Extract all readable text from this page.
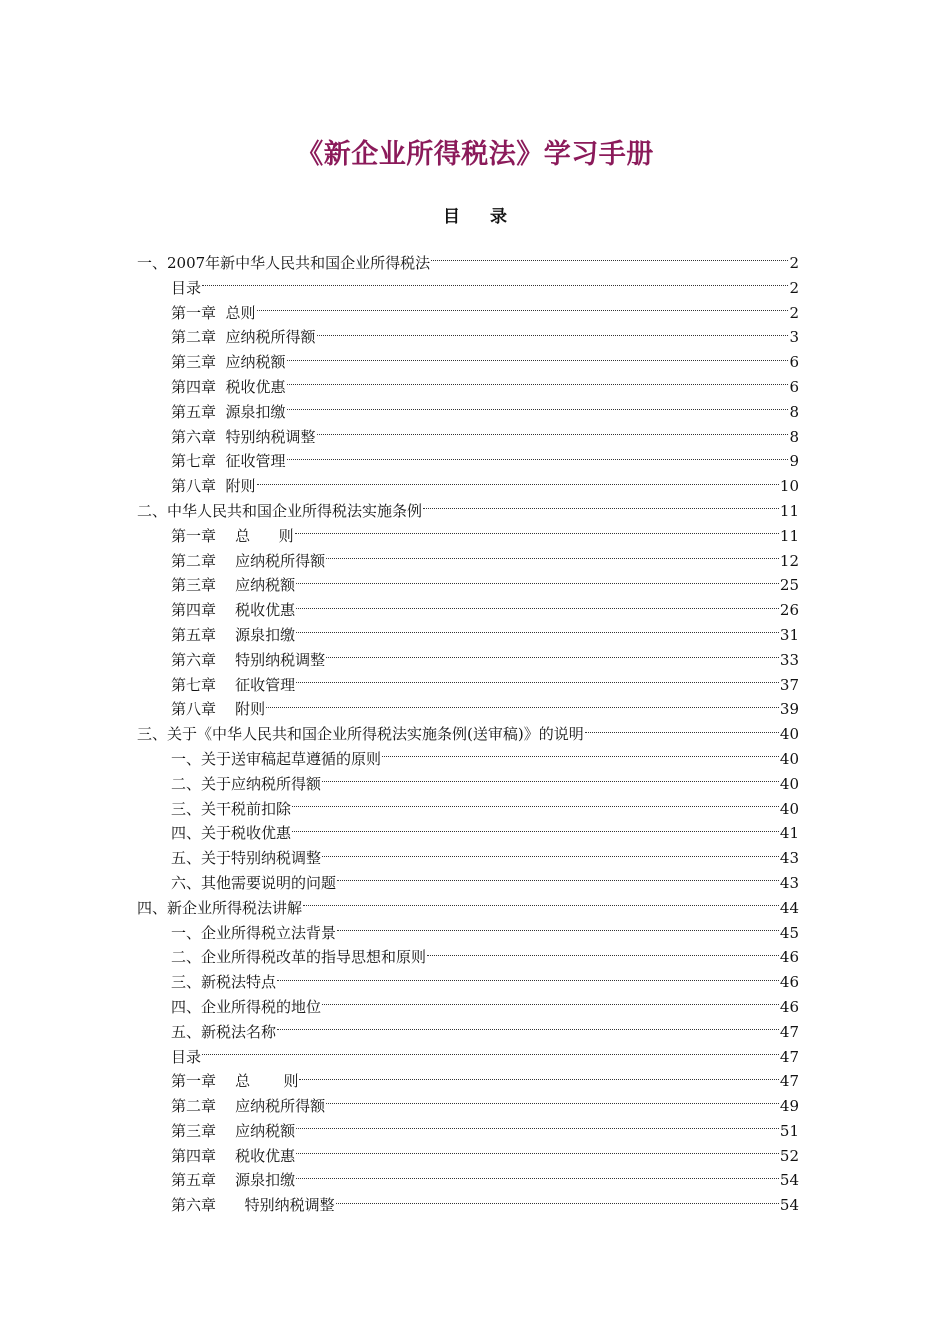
《新企业所得税法》学习手册
目 录
一、2007年新中华人民共和国企业所得税法	2
目录	2
第一章  总则	2
第二章  应纳税所得额	3
第三章  应纳税额	6
第四章  税收优惠	6
第五章  源泉扣缴	8
第六章  特别纳税调整	8
第七章  征收管理	9
第八章  附则	10
二、中华人民共和国企业所得税法实施条例	11
第一章    总      则	11
第二章    应纳税所得额	12
第三章    应纳税额	25
第四章    税收优惠	26
第五章    源泉扣缴	31
第六章    特别纳税调整	33
第七章    征收管理	37
第八章    附则	39
三、关于《中华人民共和国企业所得税法实施条例(送审稿)》的说明	40
一、关于送审稿起草遵循的原则	40
二、关于应纳税所得额	40
三、关干税前扣除	40
四、关于税收优惠	41
五、关于特别纳税调整	43
六、其他需要说明的问题	43
四、新企业所得税法讲解	44
一、企业所得税立法背景	45
二、企业所得税改革的指导思想和原则	46
三、新税法特点	46
四、企业所得税的地位	46
五、新税法名称	47
目录	47
第一章    总       则	47
第二章    应纳税所得额	49
第三章    应纳税额	51
第四章    税收优惠	52
第五章    源泉扣缴	54
第六章      特别纳税调整	54
